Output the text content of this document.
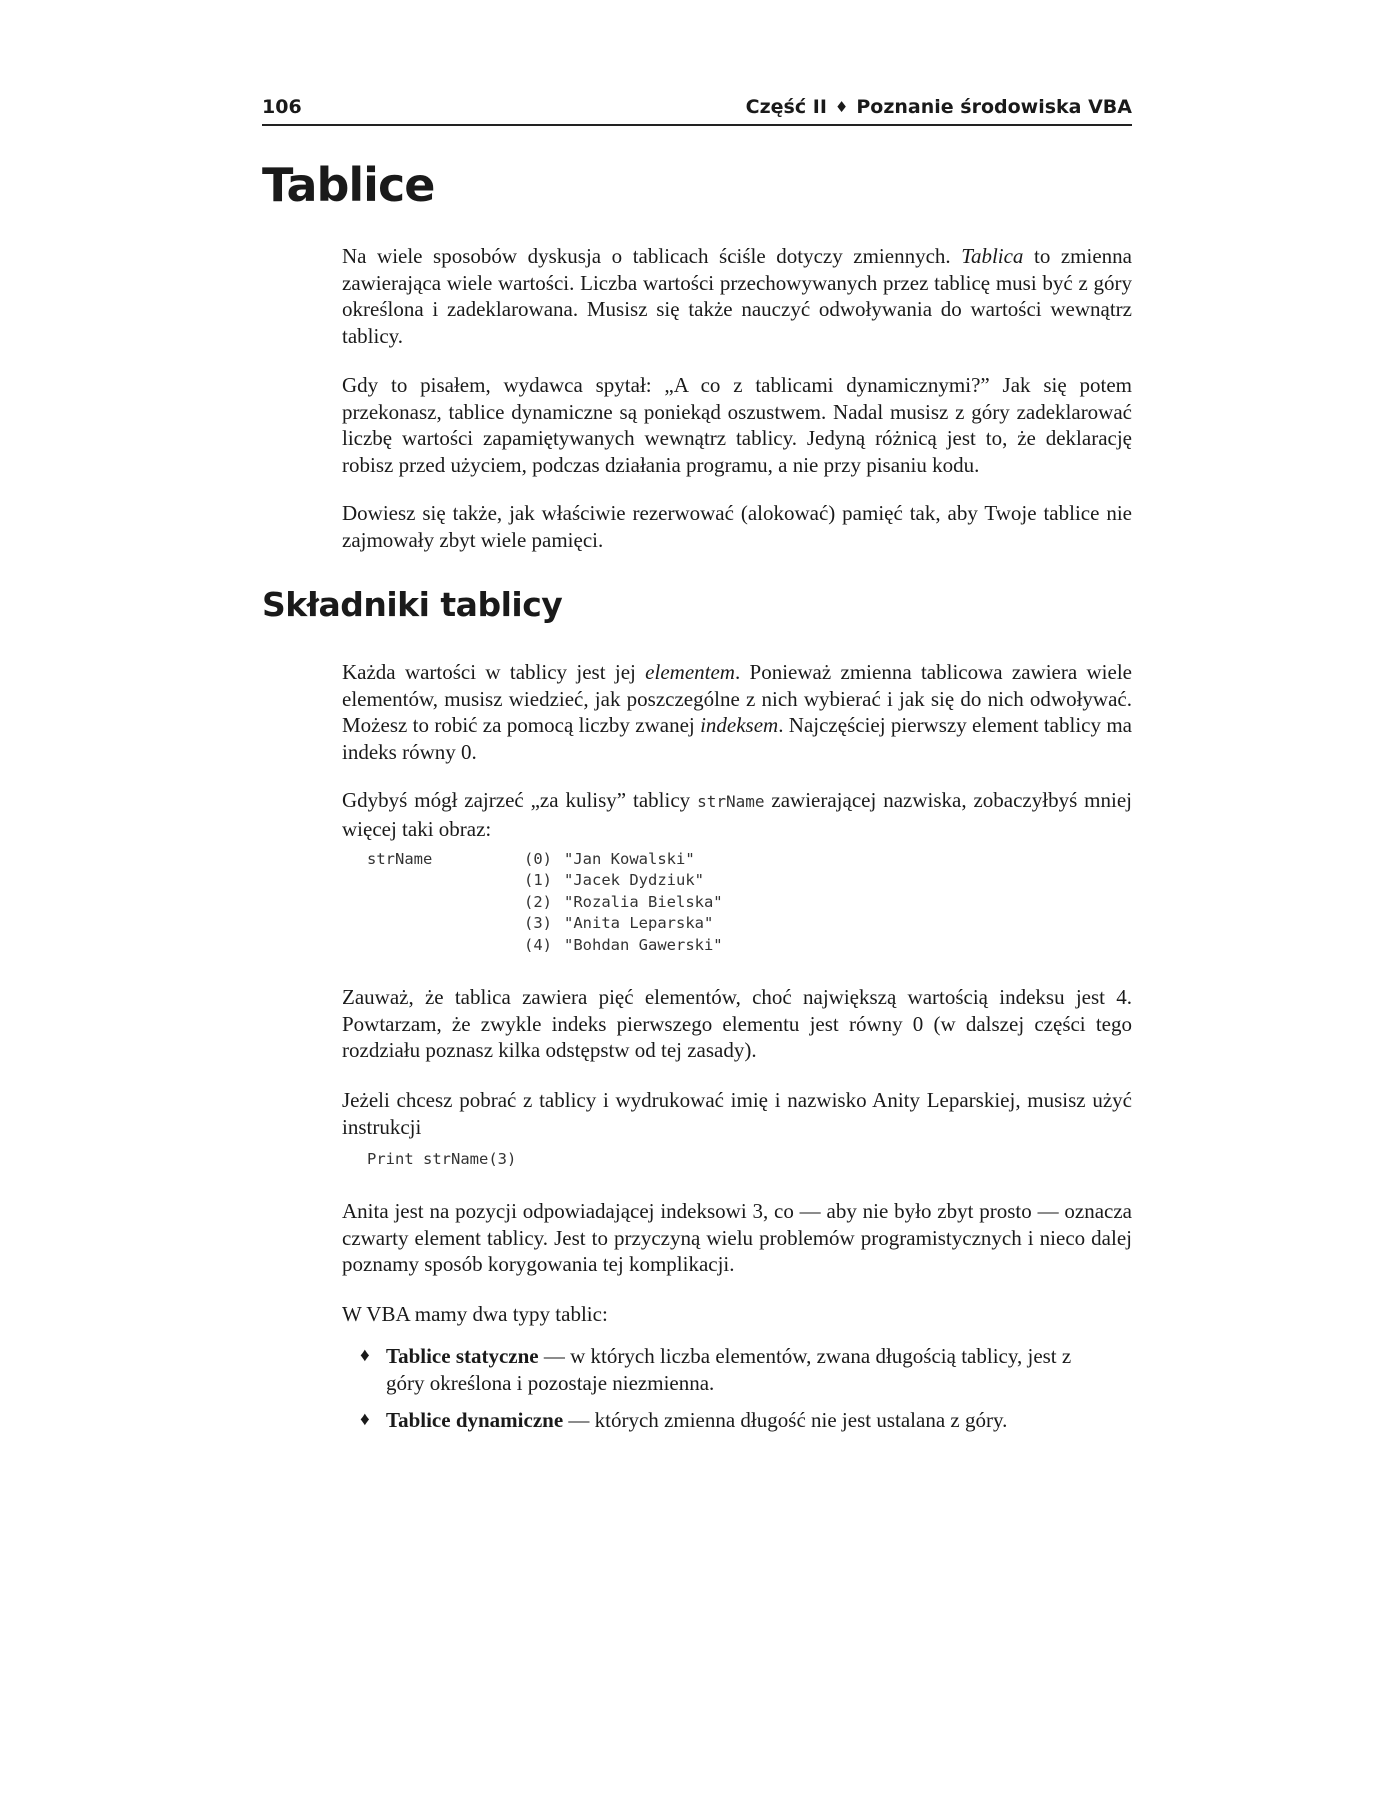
106	Część II ♦ Poznanie środowiska VBA
Tablice

Na wiele sposobów dyskusja o tablicach ściśle dotyczy zmiennych. Tablica to zmienna zawierająca wiele wartości. Liczba wartości przechowywanych przez tablicę musi być z góry określona i zadeklarowana. Musisz się także nauczyć odwoływania do wartości wewnątrz tablicy.

Gdy to pisałem, wydawca spytał: „A co z tablicami dynamicznymi?” Jak się potem przekonasz, tablice dynamiczne są poniekąd oszustwem. Nadal musisz z góry zadeklarować liczbę wartości zapamiętywanych wewnątrz tablicy. Jedyną różnicą jest to, że deklarację robisz przed użyciem, podczas działania programu, a nie przy pisaniu kodu.

Dowiesz się także, jak właściwie rezerwować (alokować) pamięć tak, aby Twoje tablice nie zajmowały zbyt wiele pamięci.

Składniki tablicy

Każda wartości w tablicy jest jej elementem. Ponieważ zmienna tablicowa zawiera wiele elementów, musisz wiedzieć, jak poszczególne z nich wybierać i jak się do nich odwoływać. Możesz to robić za pomocą liczby zwanej indeksem. Najczęściej pierwszy element tablicy ma indeks równy 0.

Gdybyś mógł zajrzeć „za kulisy” tablicy strName zawierającej nazwiska, zobaczyłbyś mniej więcej taki obraz:

strName	(0)	"Jan Kowalski"
	(1)	"Jacek Dydziuk"
	(2)	"Rozalia Bielska"
	(3)	"Anita Leparska"
	(4)	"Bohdan Gawerski"

Zauważ, że tablica zawiera pięć elementów, choć największą wartością indeksu jest 4. Powtarzam, że zwykle indeks pierwszego elementu jest równy 0 (w dalszej części tego rozdziału poznasz kilka odstępstw od tej zasady).

Jeżeli chcesz pobrać z tablicy i wydrukować imię i nazwisko Anity Leparskiej, musisz użyć instrukcji

Print strName(3)

Anita jest na pozycji odpowiadającej indeksowi 3, co — aby nie było zbyt prosto — oznacza czwarty element tablicy. Jest to przyczyną wielu problemów programistycznych i nieco dalej poznamy sposób korygowania tej komplikacji.

W VBA mamy dwa typy tablic:

♦ Tablice statyczne — w których liczba elementów, zwana długością tablicy, jest z góry określona i pozostaje niezmienna.
♦ Tablice dynamiczne — których zmienna długość nie jest ustalana z góry.
